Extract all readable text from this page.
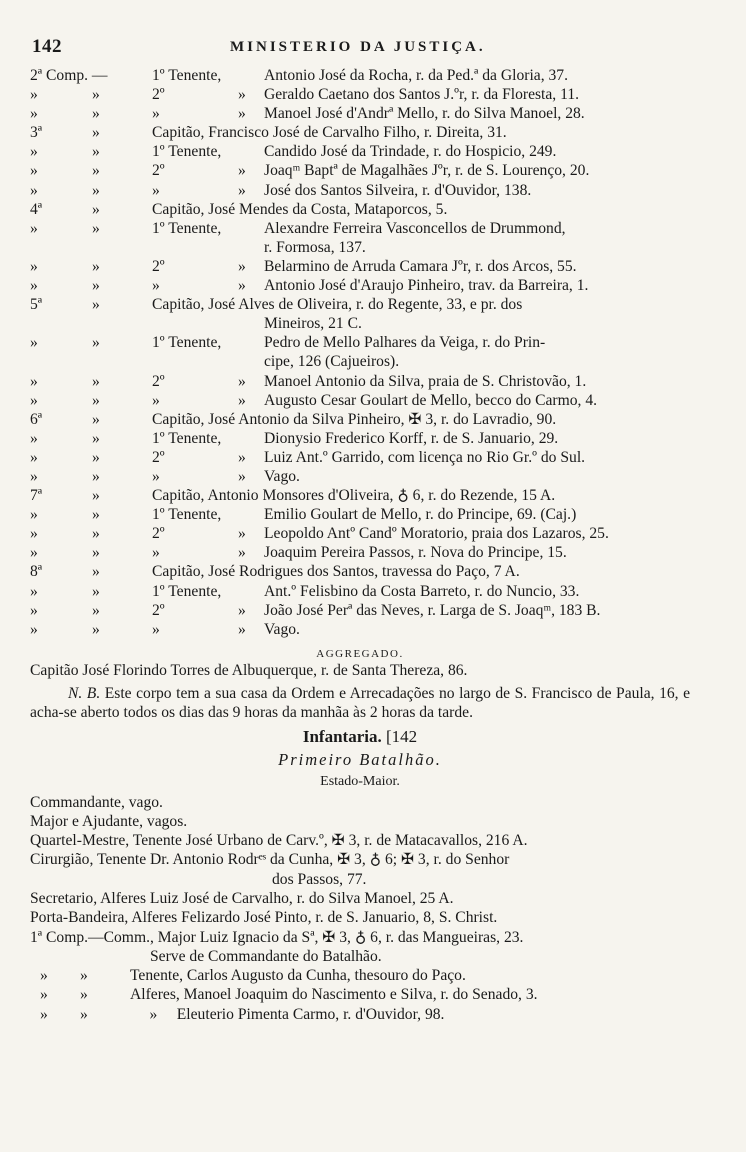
142	MINISTERIO DA JUSTIÇA.
2ª Comp. —	1º Tenente,	Antonio José da Rocha, r. da Ped.ª da Gloria, 37.
»	»	2º	» Geraldo Caetano dos Santos J.ºr, r. da Floresta, 11.
»	»	»	» Manoel José d'Andrª Mello, r. do Silva Manoel, 28.
3ª	»	Capitão, Francisco José de Carvalho Filho, r. Direita, 31.
»	»	1º Tenente,	Candido José da Trindade, r. do Hospicio, 249.
»	»	2º	» Joaqᵐ Baptª de Magalhães Jºr, r. de S. Lourenço, 20.
»	»	»	» José dos Santos Silveira, r. d'Ouvidor, 138.
4ª	»	Capitão, José Mendes da Costa, Mataporcos, 5.
»	»	1º Tenente,	Alexandre Ferreira Vasconcellos de Drummond,
r. Formosa, 137.
»	»	2º	» Belarmino de Arruda Camara Jºr, r. dos Arcos, 55.
»	»	»	» Antonio José d'Araujo Pinheiro, trav. da Barreira, 1.
5ª	»	Capitão, José Alves de Oliveira, r. do Regente, 33, e pr. dos
Mineiros, 21 C.
»	»	1º Tenente,	Pedro de Mello Palhares da Veiga, r. do Prin-
cipe, 126 (Cajueiros).
»	»	2º	» Manoel Antonio da Silva, praia de S. Christovão, 1.
»	»	»	» Augusto Cesar Goulart de Mello, becco do Carmo, 4.
6ª	»	Capitão, José Antonio da Silva Pinheiro, ✠ 3, r. do Lavradio, 90.
»	»	1º Tenente,	Dionysio Frederico Korff, r. de S. Januario, 29.
»	»	2º	» Luiz Ant.º Garrido, com licença no Rio Gr.º do Sul.
»	»	»	» Vago.
7ª	»	Capitão, Antonio Monsores d'Oliveira, ♁ 6, r. do Rezende, 15 A.
»	»	1º Tenente,	Emilio Goulart de Mello, r. do Principe, 69. (Caj.)
»	»	2º	» Leopoldo Antº Candº Moratorio, praia dos Lazaros, 25.
»	»	»	» Joaquim Pereira Passos, r. Nova do Principe, 15.
8ª	»	Capitão, José Rodrigues dos Santos, travessa do Paço, 7 A.
»	»	1º Tenente,	Ant.º Felisbino da Costa Barreto, r. do Nuncio, 33.
»	»	2º	» João José Perª das Neves, r. Larga de S. Joaqᵐ, 183 B.
»	»	»	» Vago.
$_{AGGREGADO.}$
Capitão José Florindo Torres de Albuquerque, r. de Santa Thereza, 86.
N. B. Este corpo tem a sua casa da Ordem e Arrecadações no largo de S. Francisco de Paula, 16, e acha-se aberto todos os dias das 9 horas da manhãa às 2 horas da tarde.
Infantaria. [142
Primeiro Batalhão.
Estado-Maior.
Commandante, vago.
Major e Ajudante, vagos.
Quartel-Mestre, Tenente José Urbano de Carv.º, ✠ 3, r. de Matacavallos, 216 A.
Cirurgião, Tenente Dr. Antonio Rodrᵉˢ da Cunha, ✠ 3, ♁ 6; ✠ 3, r. do Senhor
dos Passos, 77.
Secretario, Alferes Luiz José de Carvalho, r. do Silva Manoel, 25 A.
Porta-Bandeira, Alferes Felizardo José Pinto, r. de S. Januario, 8, S. Christ.
1ª Comp.—Comm., Major Luiz Ignacio da Sª, ✠ 3, ♁ 6, r. das Mangueiras, 23.
Serve de Commandante do Batalhão.
» »	Tenente, Carlos Augusto da Cunha, thesouro do Paço.
» »	Alferes, Manoel Joaquim do Nascimento e Silva, r. do Senado, 3.
» »	»     Eleuterio Pimenta Carmo, r. d'Ouvidor, 98.
